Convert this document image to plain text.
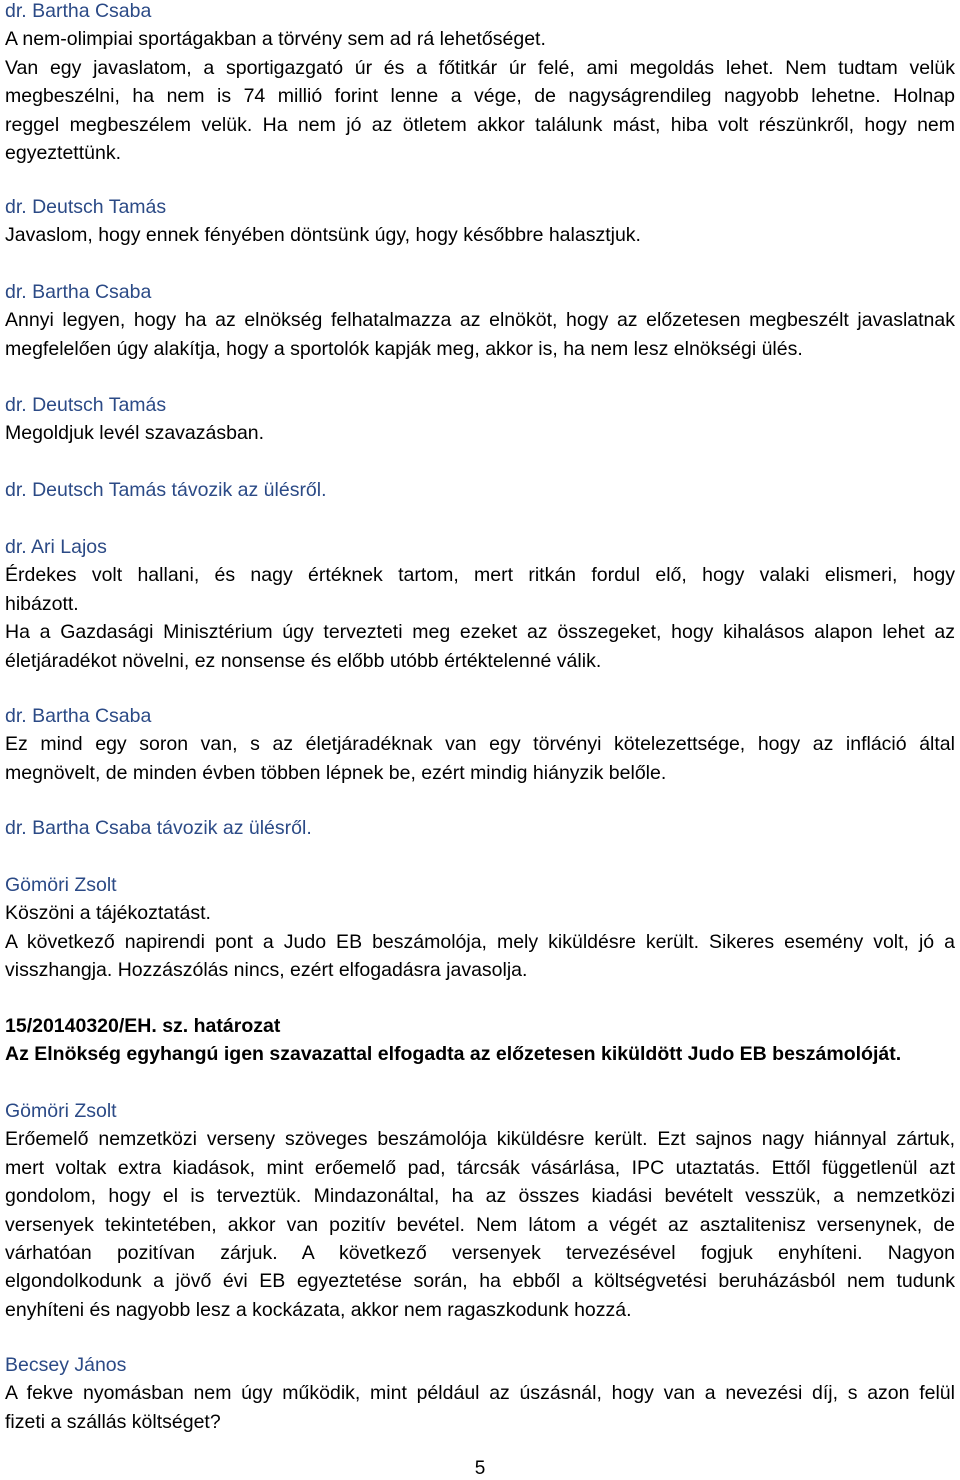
dr. Bartha Csaba
A nem-olimpiai sportágakban a törvény sem ad rá lehetőséget.
Van egy javaslatom, a sportigazgató úr és a főtitkár úr felé, ami megoldás lehet. Nem tudtam velük
megbeszélni, ha nem is 74 millió forint lenne a vége, de nagyságrendileg nagyobb lehetne. Holnap
reggel megbeszélem velük. Ha nem jó az ötletem akkor találunk mást, hiba volt részünkről, hogy nem
egyeztettünk.
dr. Deutsch Tamás
Javaslom, hogy ennek fényében döntsünk úgy, hogy későbbre halasztjuk.
dr. Bartha Csaba
Annyi legyen, hogy ha az elnökség felhatalmazza az elnököt, hogy az előzetesen megbeszélt javaslatnak
megfelelően úgy alakítja, hogy a sportolók kapják meg, akkor is, ha nem lesz elnökségi ülés.
dr. Deutsch Tamás
Megoldjuk levél szavazásban.
dr. Deutsch Tamás távozik az ülésről.
dr. Ari Lajos
Érdekes volt hallani, és nagy értéknek tartom, mert ritkán fordul elő, hogy valaki elismeri, hogy
hibázott.
Ha a Gazdasági Minisztérium úgy tervezteti meg ezeket az összegeket, hogy kihalásos alapon lehet az
életjáradékot növelni, ez nonsense és előbb utóbb értéktelenné válik.
dr. Bartha Csaba
Ez mind egy soron van, s az életjáradéknak van egy törvényi kötelezettsége, hogy az infláció által
megnövelt, de minden évben többen lépnek be, ezért mindig hiányzik belőle.
dr. Bartha Csaba távozik az ülésről.
Gömöri Zsolt
Köszöni a tájékoztatást.
A következő napirendi pont a Judo EB beszámolója, mely kiküldésre került. Sikeres esemény volt, jó a
visszhangja. Hozzászólás nincs, ezért elfogadásra javasolja.
15/20140320/EH. sz. határozat
Az Elnökség egyhangú igen szavazattal elfogadta az előzetesen kiküldött Judo EB beszámolóját.
Gömöri Zsolt
Erőemelő nemzetközi verseny szöveges beszámolója kiküldésre került. Ezt sajnos nagy hiánnyal zártuk,
mert voltak extra kiadások, mint erőemelő pad, tárcsák vásárlása, IPC utaztatás. Ettől függetlenül azt
gondolom, hogy el is terveztük. Mindazonáltal, ha az összes kiadási bevételt vesszük, a nemzetközi
versenyek tekintetében, akkor van pozitív bevétel. Nem látom a végét az asztalitenisz versenynek, de
várhatóan pozitívan zárjuk. A következő versenyek tervezésével fogjuk enyhíteni. Nagyon
elgondolkodunk a jövő évi EB egyeztetése során, ha ebből a költségvetési beruházásból nem tudunk
enyhíteni és nagyobb lesz a kockázata, akkor nem ragaszkodunk hozzá.
Becsey János
A fekve nyomásban nem úgy működik, mint például az úszásnál, hogy van a nevezési díj, s azon felül
fizeti a szállás költséget?
5
